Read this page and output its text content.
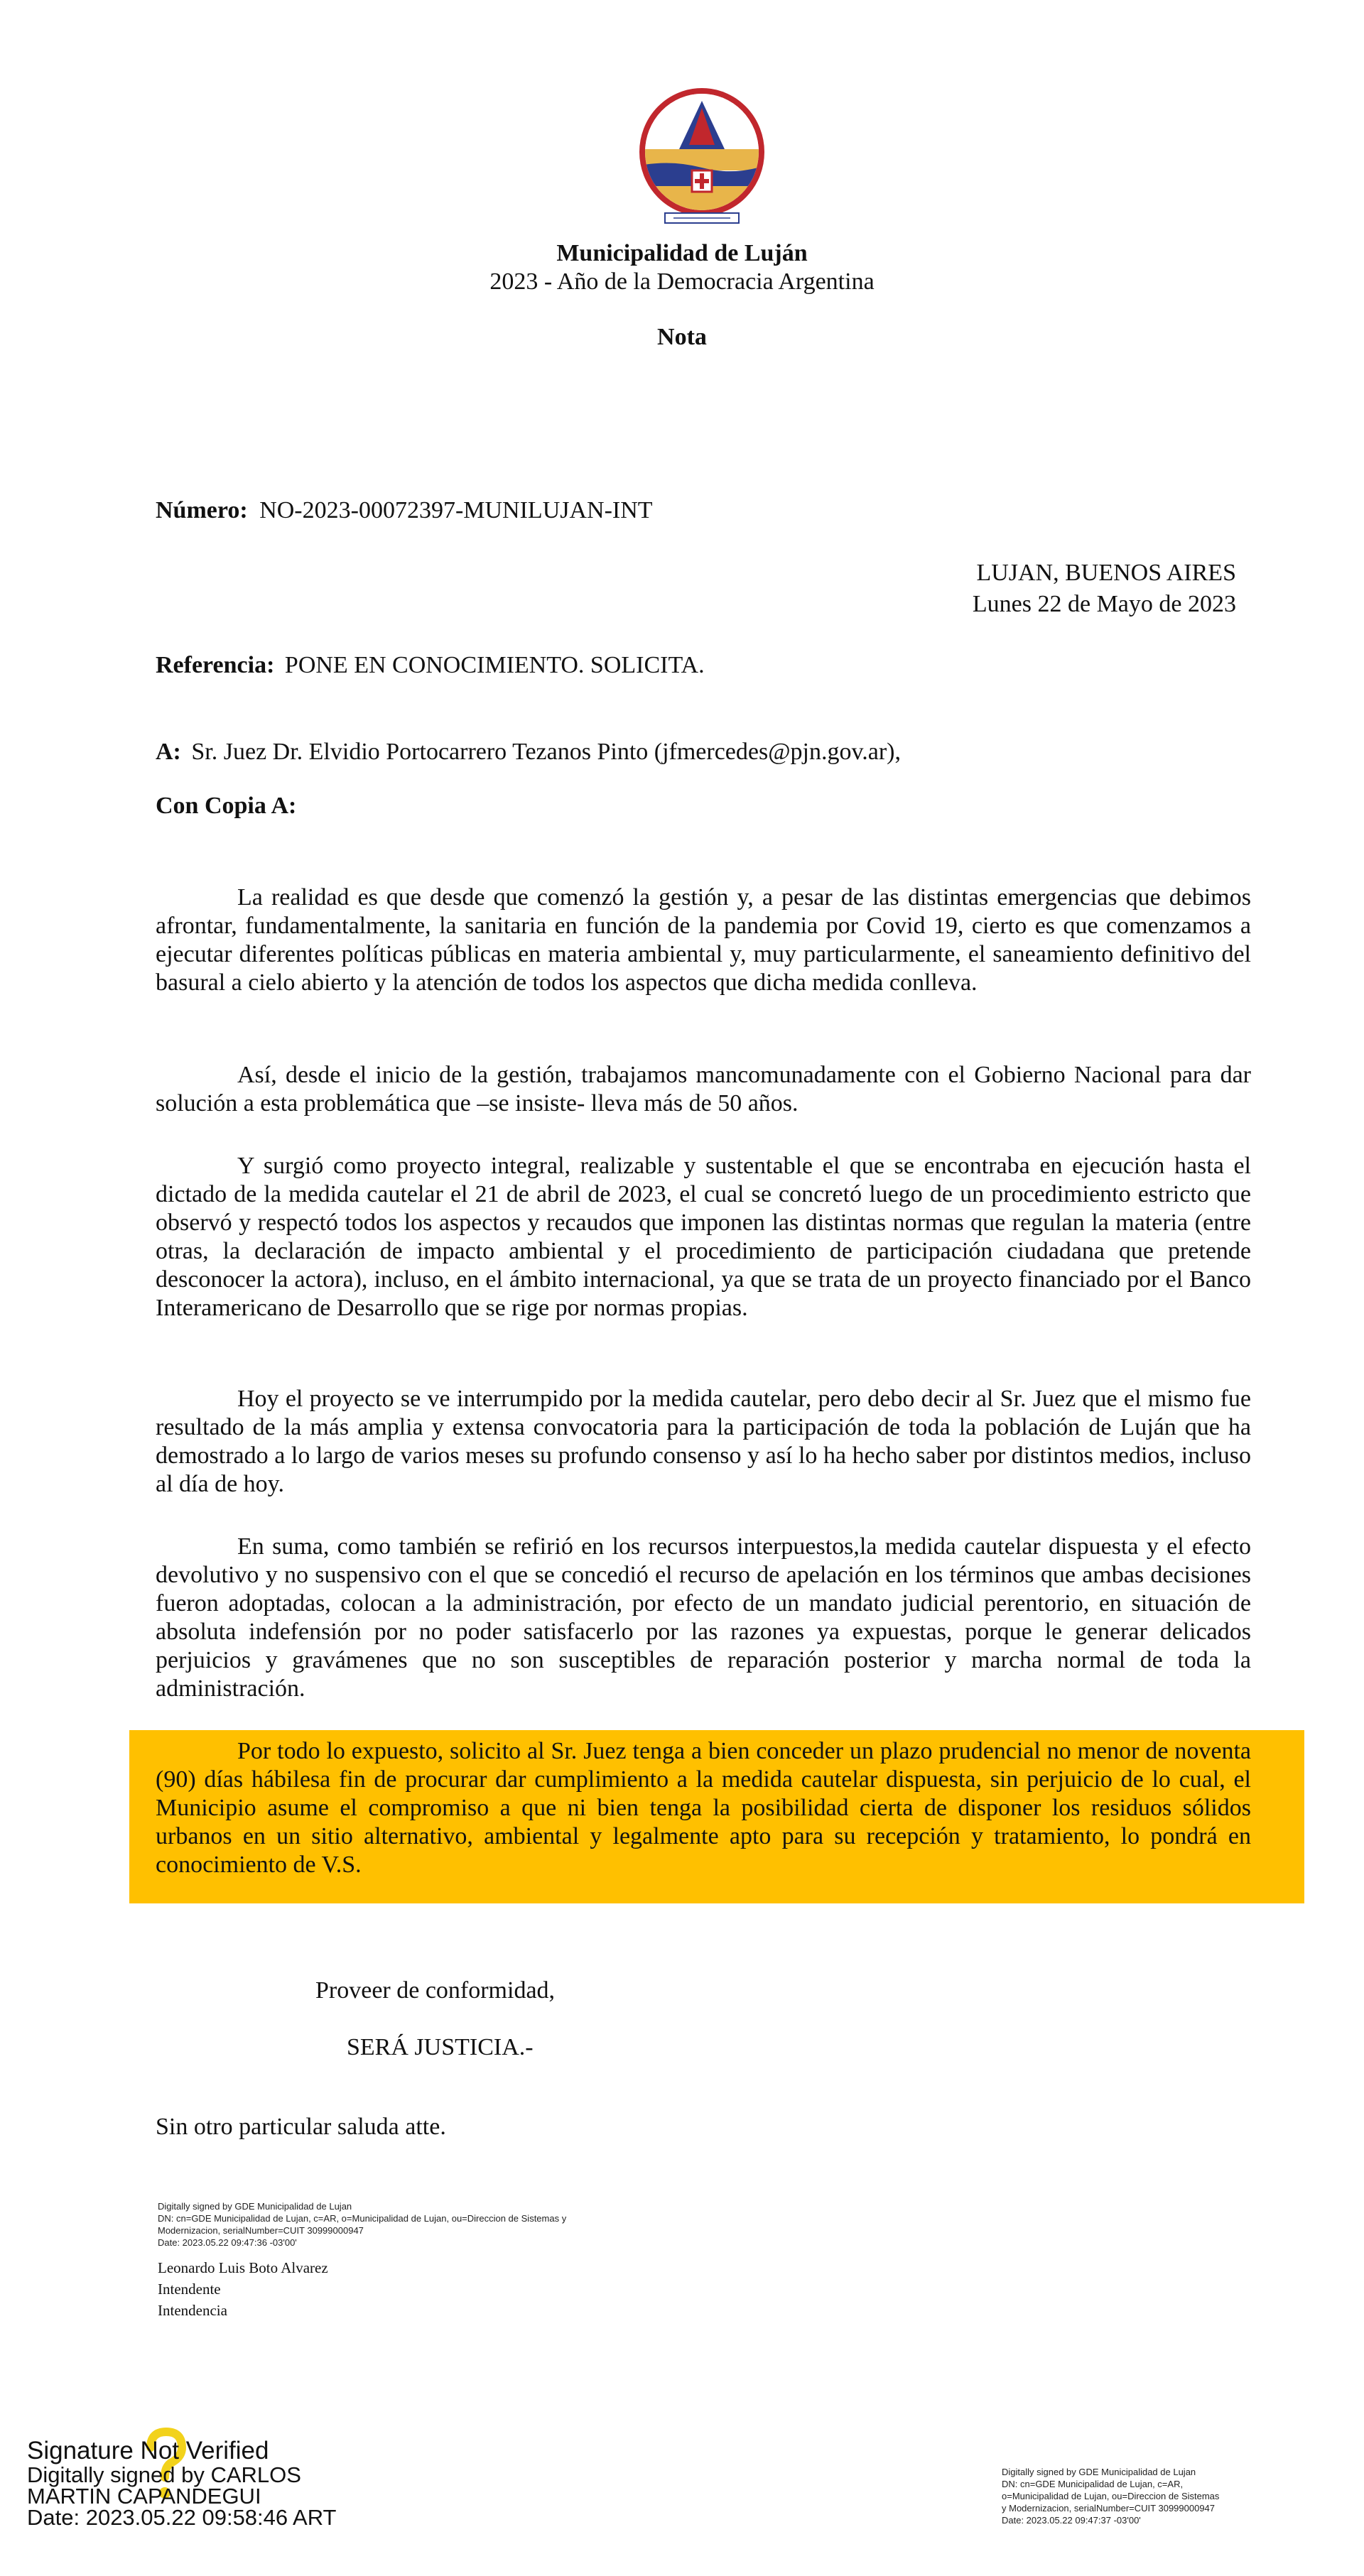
Municipalidad de Luján
2023 - Año de la Democracia Argentina
Nota
Número: NO-2023-00072397-MUNILUJAN-INT
LUJAN, BUENOS AIRES
Lunes 22 de Mayo de 2023
Referencia: PONE EN CONOCIMIENTO. SOLICITA.
A: Sr. Juez Dr. Elvidio Portocarrero Tezanos Pinto (jfmercedes@pjn.gov.ar),
Con Copia A:
La realidad es que desde que comenzó la gestión y, a pesar de las distintas emergencias que debimos afrontar, fundamentalmente, la sanitaria en función de la pandemia por Covid 19, cierto es que comenzamos a ejecutar diferentes políticas públicas en materia ambiental y, muy particularmente, el saneamiento definitivo del basural a cielo abierto y la atención de todos los aspectos que dicha medida conlleva.
Así, desde el inicio de la gestión, trabajamos mancomunadamente con el Gobierno Nacional para dar solución a esta problemática que –se insiste- lleva más de 50 años.
Y surgió como proyecto integral, realizable y sustentable el que se encontraba en ejecución hasta el dictado de la medida cautelar el 21 de abril de 2023, el cual se concretó luego de un procedimiento estricto que observó y respectó todos los aspectos y recaudos que imponen las distintas normas que regulan la materia (entre otras, la declaración de impacto ambiental y el procedimiento de participación ciudadana que pretende desconocer la actora), incluso, en el ámbito internacional, ya que se trata de un proyecto financiado por el Banco Interamericano de Desarrollo que se rige por normas propias.
Hoy el proyecto se ve interrumpido por la medida cautelar, pero debo decir al Sr. Juez que el mismo fue resultado de la más amplia y extensa convocatoria para la participación de toda la población de Luján que ha demostrado a lo largo de varios meses su profundo consenso y así lo ha hecho saber por distintos medios, incluso al día de hoy.
En suma, como también se refirió en los recursos interpuestos,la medida cautelar dispuesta y el efecto devolutivo y no suspensivo con el que se concedió el recurso de apelación en los términos que ambas decisiones fueron adoptadas, colocan a la administración, por efecto de un mandato judicial perentorio, en situación de absoluta indefensión por no poder satisfacerlo por las razones ya expuestas, porque le generar delicados perjuicios y gravámenes que no son susceptibles de reparación posterior y marcha normal de toda la administración.
Por todo lo expuesto, solicito al Sr. Juez tenga a bien conceder un plazo prudencial no menor de noventa (90) días hábilesa fin de procurar dar cumplimiento a la medida cautelar dispuesta, sin perjuicio de lo cual, el Municipio asume el compromiso a que ni bien tenga la posibilidad cierta de disponer los residuos sólidos urbanos en un sitio alternativo, ambiental y legalmente apto para su recepción y tratamiento, lo pondrá en conocimiento de V.S.
Proveer de conformidad,
SERÁ JUSTICIA.-
Sin otro particular saluda atte.
Digitally signed by GDE Municipalidad de Lujan
DN: cn=GDE Municipalidad de Lujan, c=AR, o=Municipalidad de Lujan, ou=Direccion de Sistemas y
Modernizacion, serialNumber=CUIT 30999000947
Date: 2023.05.22 09:47:36 -03'00'
Leonardo Luis Boto Alvarez
Intendente
Intendencia
Signature Not Verified
Digitally signed by CARLOS
MARTIN CAPANDEGUI
Date: 2023.05.22 09:58:46 ART
Digitally signed by GDE Municipalidad de Lujan
DN: cn=GDE Municipalidad de Lujan, c=AR,
o=Municipalidad de Lujan, ou=Direccion de Sistemas
y Modernizacion, serialNumber=CUIT 30999000947
Date: 2023.05.22 09:47:37 -03'00'
